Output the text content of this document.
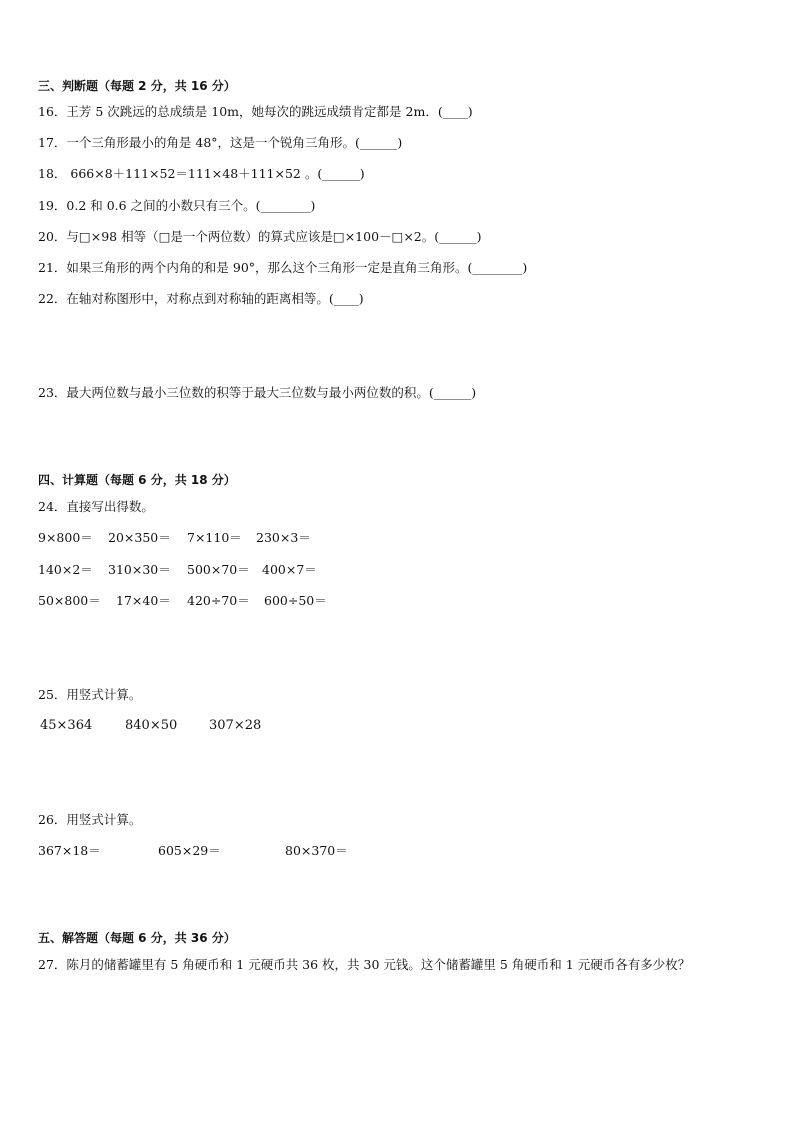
三、判断题（每题 2 分，共 16 分）
16．王芳 5 次跳远的总成绩是 10m，她每次的跳远成绩肯定都是 2m．(____)
17．一个三角形最小的角是 48°，这是一个锐角三角形。(______)
18． 666×8＋111×52＝111×48＋111×52 。(______)
19．0.2 和 0.6 之间的小数只有三个。(________)
20．与□×98 相等（□是一个两位数）的算式应该是□×100－□×2。(______)
21．如果三角形的两个内角的和是 90°，那么这个三角形一定是直角三角形。(________)
22．在轴对称图形中，对称点到对称轴的距离相等。(____)
23．最大两位数与最小三位数的积等于最大三位数与最小两位数的积。(______)
四、计算题（每题 6 分，共 18 分）
24．直接写出得数。
9×800＝ 20×350＝ 7×110＝ 230×3＝
140×2＝ 310×30＝ 500×70＝ 400×7＝
50×800＝ 17×40＝ 420÷70＝ 600÷50＝
25．用竖式计算。
45×364	840×50 307×28
26．用竖式计算。
367×18＝	605×29＝	80×370＝
五、解答题（每题 6 分，共 36 分）
27．陈月的储蓄罐里有 5 角硬币和 1 元硬币共 36 枚，共 30 元钱。这个储蓄罐里 5 角硬币和 1 元硬币各有多少枚？
